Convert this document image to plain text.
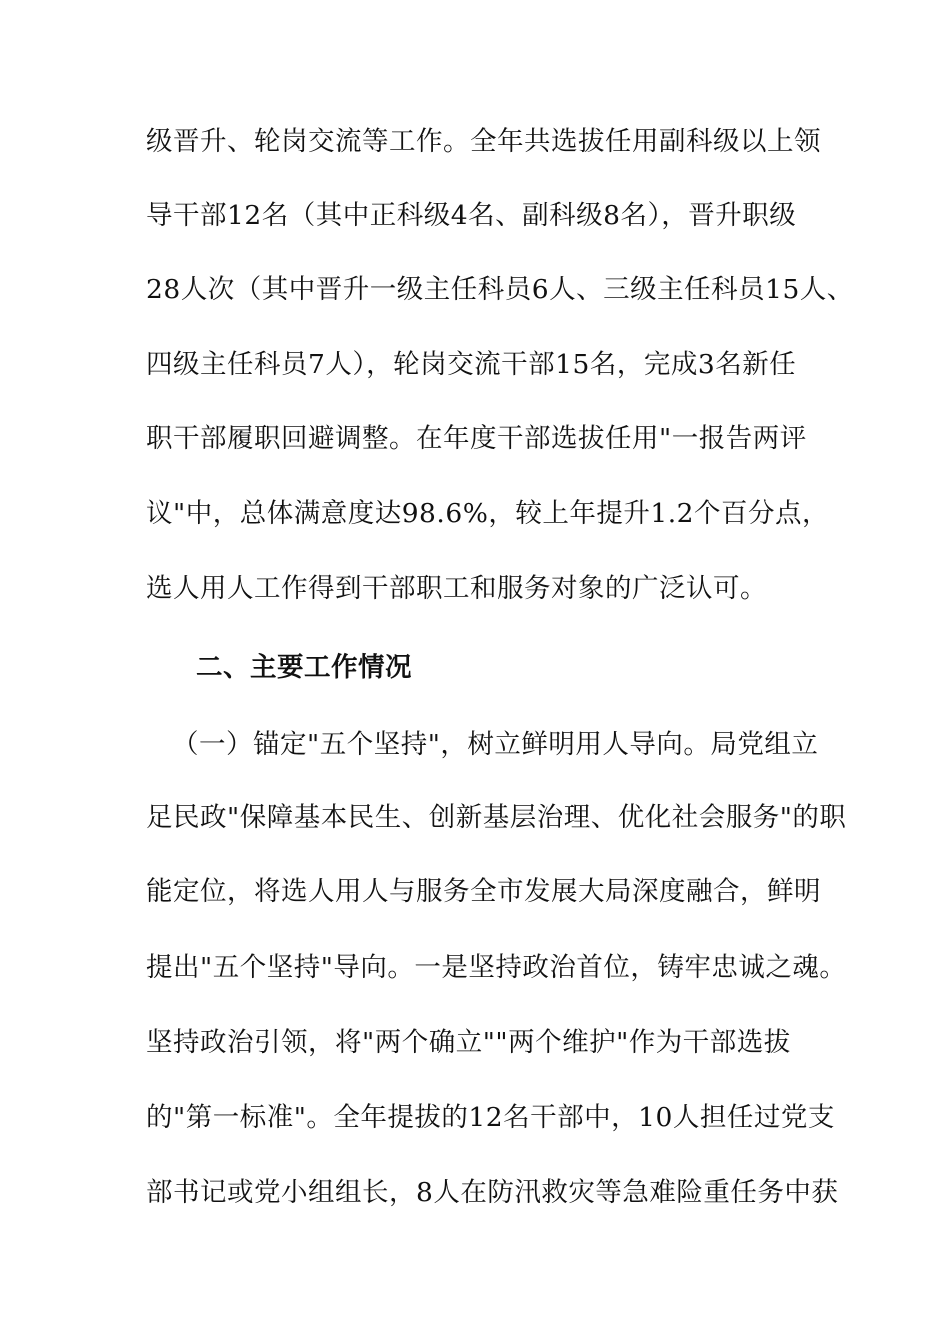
级晋升、轮岗交流等工作。全年共选拔任用副科级以上领
导干部12名（其中正科级4名、副科级8名），晋升职级
28人次（其中晋升一级主任科员6人、三级主任科员15人、
四级主任科员7人），轮岗交流干部15名，完成3名新任
职干部履职回避调整。在年度干部选拔任用"一报告两评
议"中，总体满意度达98.6%，较上年提升1.2个百分点，
选人用人工作得到干部职工和服务对象的广泛认可。
二、主要工作情况
（一）锚定"五个坚持"，树立鲜明用人导向。局党组立
足民政"保障基本民生、创新基层治理、优化社会服务"的职
能定位，将选人用人与服务全市发展大局深度融合，鲜明
提出"五个坚持"导向。一是坚持政治首位，铸牢忠诚之魂。
坚持政治引领，将"两个确立""两个维护"作为干部选拔
的"第一标准"。全年提拔的12名干部中，10人担任过党支
部书记或党小组组长，8人在防汛救灾等急难险重任务中获
